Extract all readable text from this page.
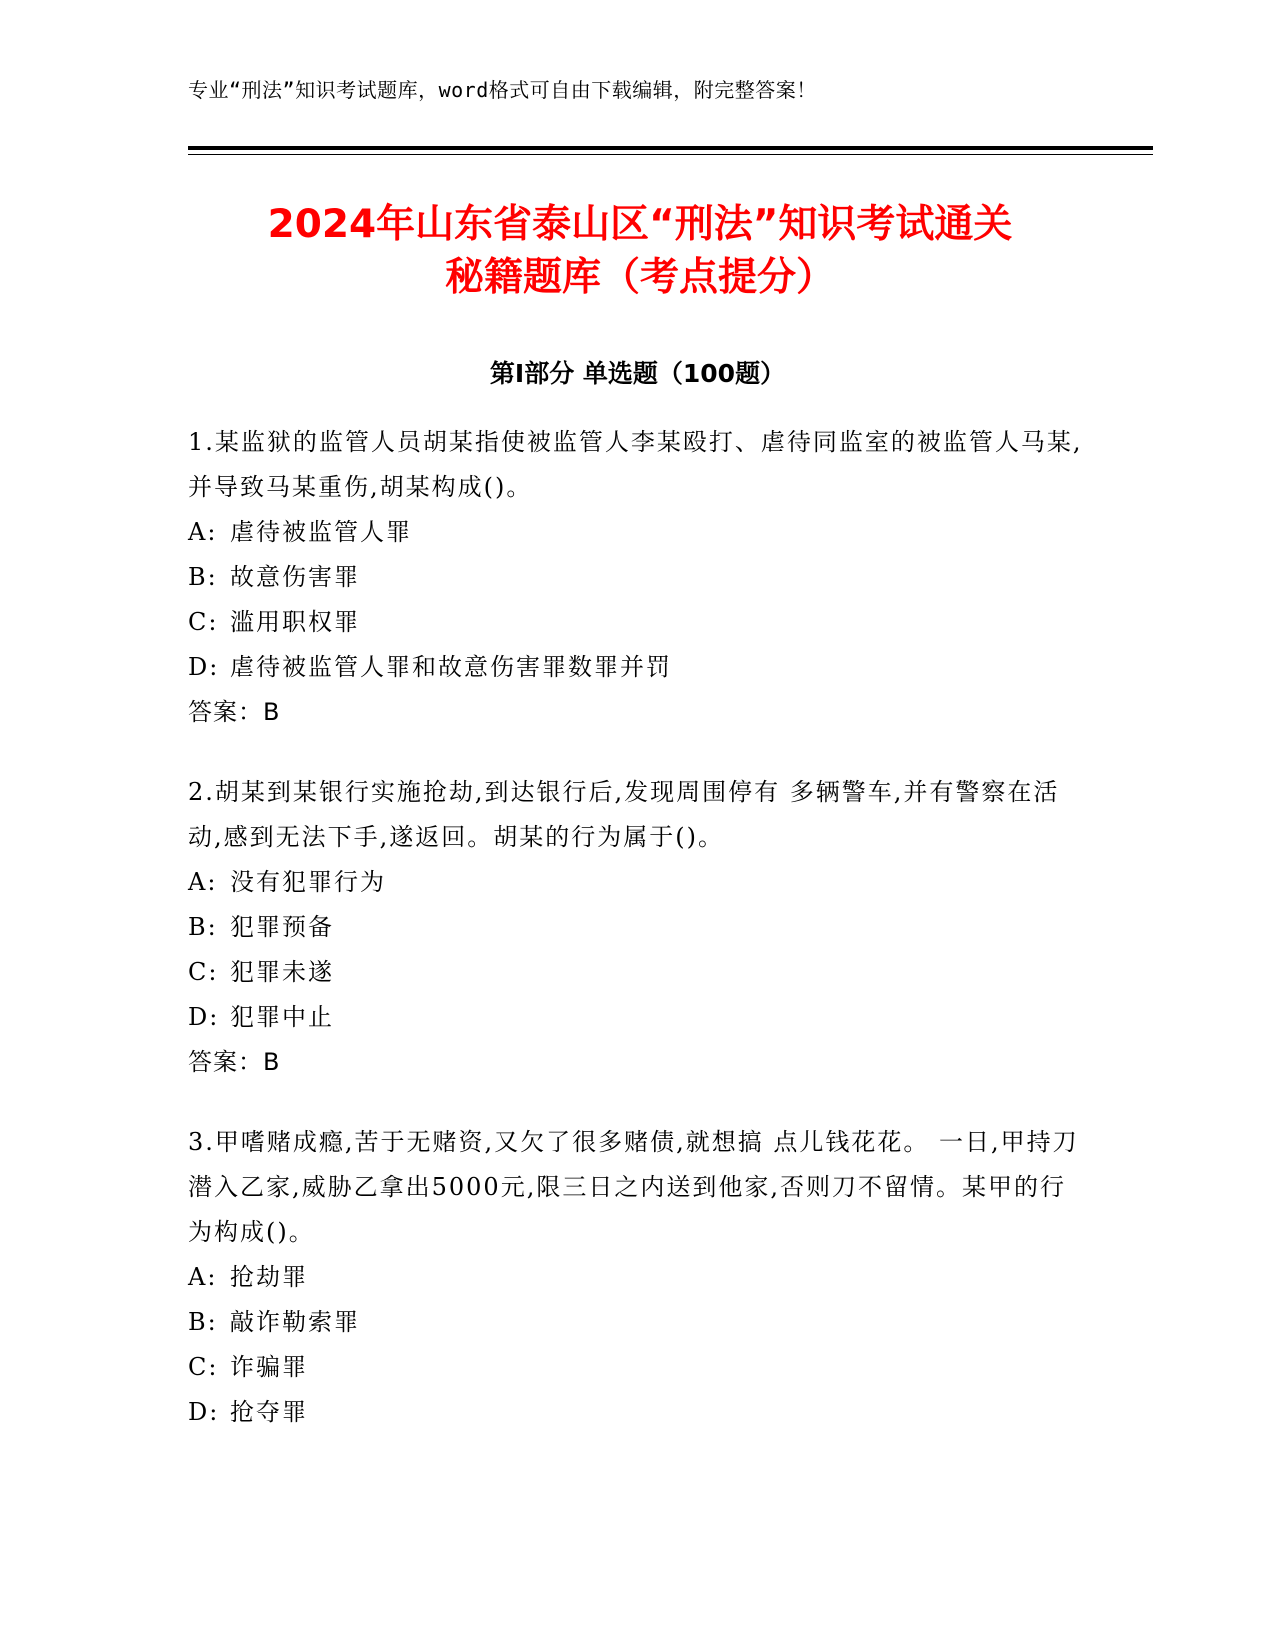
专业“刑法”知识考试题库，word格式可自由下载编辑，附完整答案！
2024年山东省泰山区“刑法”知识考试通关
秘籍题库（考点提分）
第Ⅰ部分 单选题（100题）

1.某监狱的监管人员胡某指使被监管人李某殴打、虐待同监室的被监管人马某,并导致马某重伤,胡某构成()。

A: 虐待被监管人罪
B: 故意伤害罪
C: 滥用职权罪
D: 虐待被监管人罪和故意伤害罪数罪并罚
答案：B

2.胡某到某银行实施抢劫,到达银行后,发现周围停有 多辆警车,并有警察在活动,感到无法下手,遂返回。胡某的行为属于()。

A: 没有犯罪行为
B: 犯罪预备
C: 犯罪未遂
D: 犯罪中止
答案：B

3.甲嗜赌成瘾,苦于无赌资,又欠了很多赌债,就想搞 点儿钱花花。 一日,甲持刀潜入乙家,威胁乙拿出5000元,限三日之内送到他家,否则刀不留情。某甲的行为构成()。

A: 抢劫罪
B: 敲诈勒索罪
C: 诈骗罪
D: 抢夺罪
